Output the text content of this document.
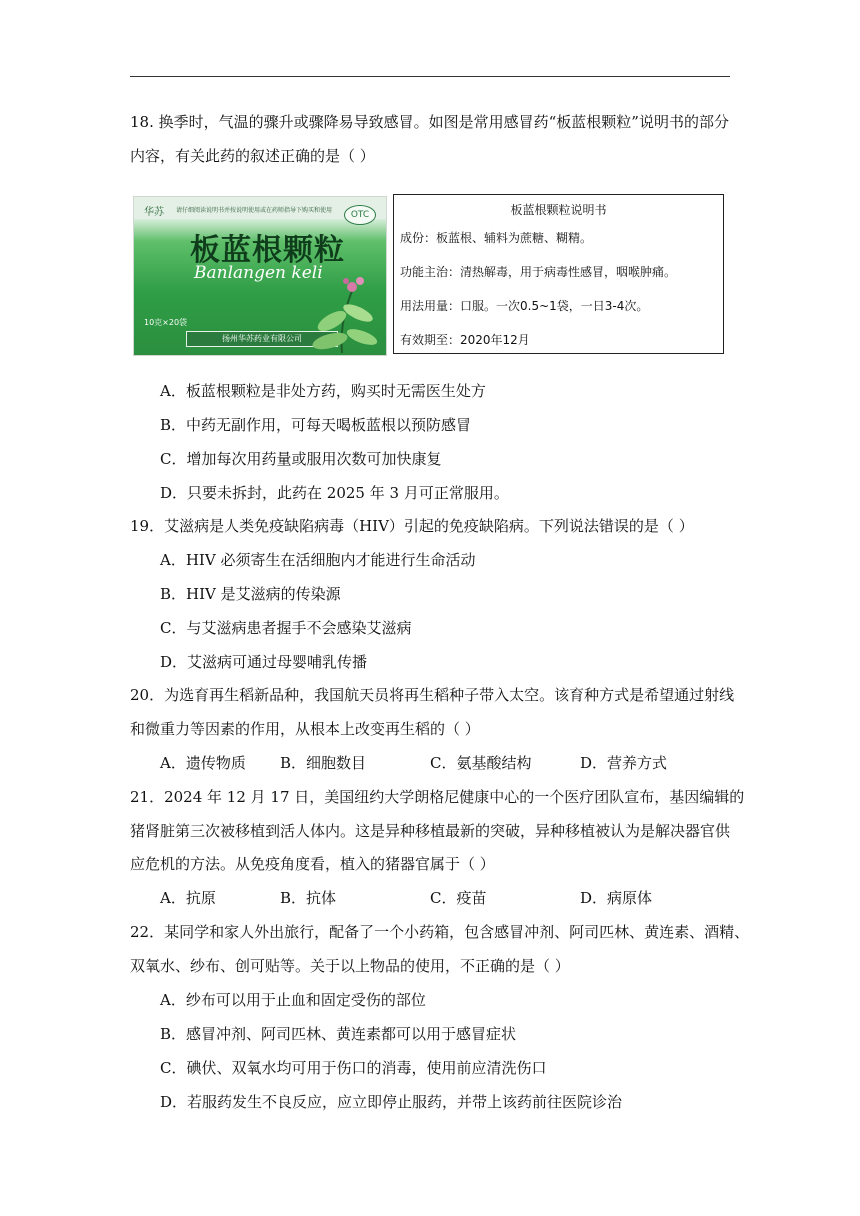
18. 换季时，气温的骤升或骤降易导致感冒。如图是常用感冒药“板蓝根颗粒”说明书的部分
内容，有关此药的叙述正确的是（ ）
华苏 请仔细阅读说明书并按说明使用或在药师指导下购买和使用	OTC
板蓝根颗粒
Banlangen keli
10克×20袋
扬州华苏药业有限公司
板蓝根颗粒说明书
成份：板蓝根、辅料为蔗糖、糊精。
功能主治：清热解毒，用于病毒性感冒，咽喉肿痛。
用法用量：口服。一次0.5~1袋，一日3-4次。
有效期至：2020年12月
A．板蓝根颗粒是非处方药，购买时无需医生处方
B．中药无副作用，可每天喝板蓝根以预防感冒
C．增加每次用药量或服用次数可加快康复
D．只要未拆封，此药在 2025 年 3 月可正常服用。
19．艾滋病是人类免疫缺陷病毒（HIV）引起的免疫缺陷病。下列说法错误的是（ ）
A．HIV 必须寄生在活细胞内才能进行生命活动
B．HIV 是艾滋病的传染源
C．与艾滋病患者握手不会感染艾滋病
D．艾滋病可通过母婴哺乳传播
20．为选育再生稻新品种，我国航天员将再生稻种子带入太空。该育种方式是希望通过射线
和微重力等因素的作用，从根本上改变再生稻的（ ）
A．遗传物质 B．细胞数目	C．氨基酸结构	D．营养方式
21．2024 年 12 月 17 日，美国纽约大学朗格尼健康中心的一个医疗团队宣布，基因编辑的
猪肾脏第三次被移植到活人体内。这是异种移植最新的突破，异种移植被认为是解决器官供
应危机的方法。从免疫角度看，植入的猪器官属于（ ）
A．抗原	B．抗体	C．疫苗	D．病原体
22．某同学和家人外出旅行，配备了一个小药箱，包含感冒冲剂、阿司匹林、黄连素、酒精、
双氧水、纱布、创可贴等。关于以上物品的使用，不正确的是（ ）
A．纱布可以用于止血和固定受伤的部位
B．感冒冲剂、阿司匹林、黄连素都可以用于感冒症状
C．碘伏、双氧水均可用于伤口的消毒，使用前应清洗伤口
D．若服药发生不良反应，应立即停止服药，并带上该药前往医院诊治
